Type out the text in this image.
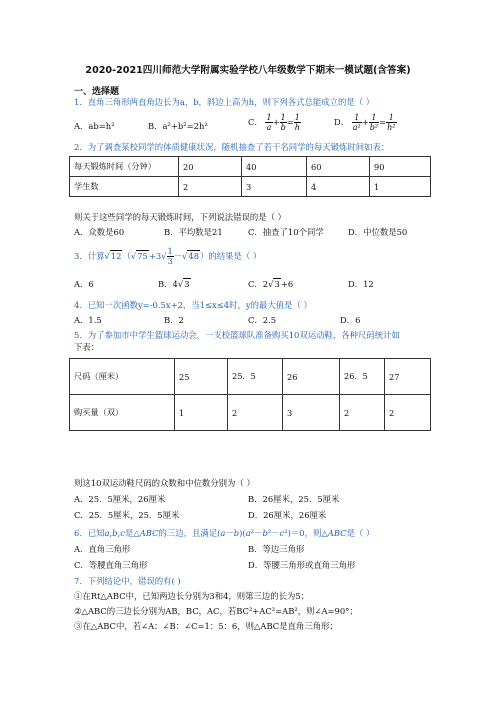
2020-2021四川师范大学附属实验学校八年级数学下期末一模试题(含答案)
一、选择题
1．直角三角形两直角边长为a，b，斜边上高为h，则下列各式总能成立的是（ ）
A．ab=h²	B．a²+b²=2h²	C． $\frac{1}{a} + \frac{1}{b} = \frac{1}{h}$	D． $\frac{1}{\text{a²}} + \frac{1}{\text{b²}} = \frac{1}{\text{h²}}$
2．为了调查某校同学的体质健康状况，随机抽查了若干名同学的每天锻炼时间如表：
每天锻炼时间（分钟）	20	40	60	90
学生数	2	3	4	1
则关于这些同学的每天锻炼时间，下列说法错误的是（ ）
A．众数是60	B．平均数是21	C．抽查了10个同学	D．中位数是50
3．计算$√12(√75+3√ \frac{1}{3} -√48)$的结果是（ ）
A．6	B．4√3	C．2√3+6	D．12
4．已知一次函数y=-0.5x+2，当1≤x≤4时，y的最大值是（ ）
A．1.5	B．2	C．2.5	D．6
5．为了参加市中学生篮球运动会，一支校篮球队准备购买10双运动鞋，各种尺码统计如
下表：
尺码（厘米）	25	25．5	26	26．5	27
购买量（双）	1	2	3	2	2
则这10双运动鞋尺码的众数和中位数分别为（ ）
A．25．5厘米，26厘米	B．26厘米，25．5厘米
C．25．5厘米，25．5厘米	D．26厘米，26厘米
6．已知a,b,c是△ABC的三边，且满足(a－b)(a²－b²－c²)＝0，则△ABC是（ ）
A．直角三角形	B．等边三角形
C．等腰直角三角形	D．等腰三角形或直角三角形
7．下列结论中，错误的有( )
①在Rt△ABC中，已知两边长分别为3和4，则第三边的长为5；
②△ABC的三边长分别为AB，BC，AC，若BC²+AC²=AB²，则∠A=90°；
③在△ABC中，若∠A：∠B：∠C=1：5：6，则△ABC是直角三角形；
